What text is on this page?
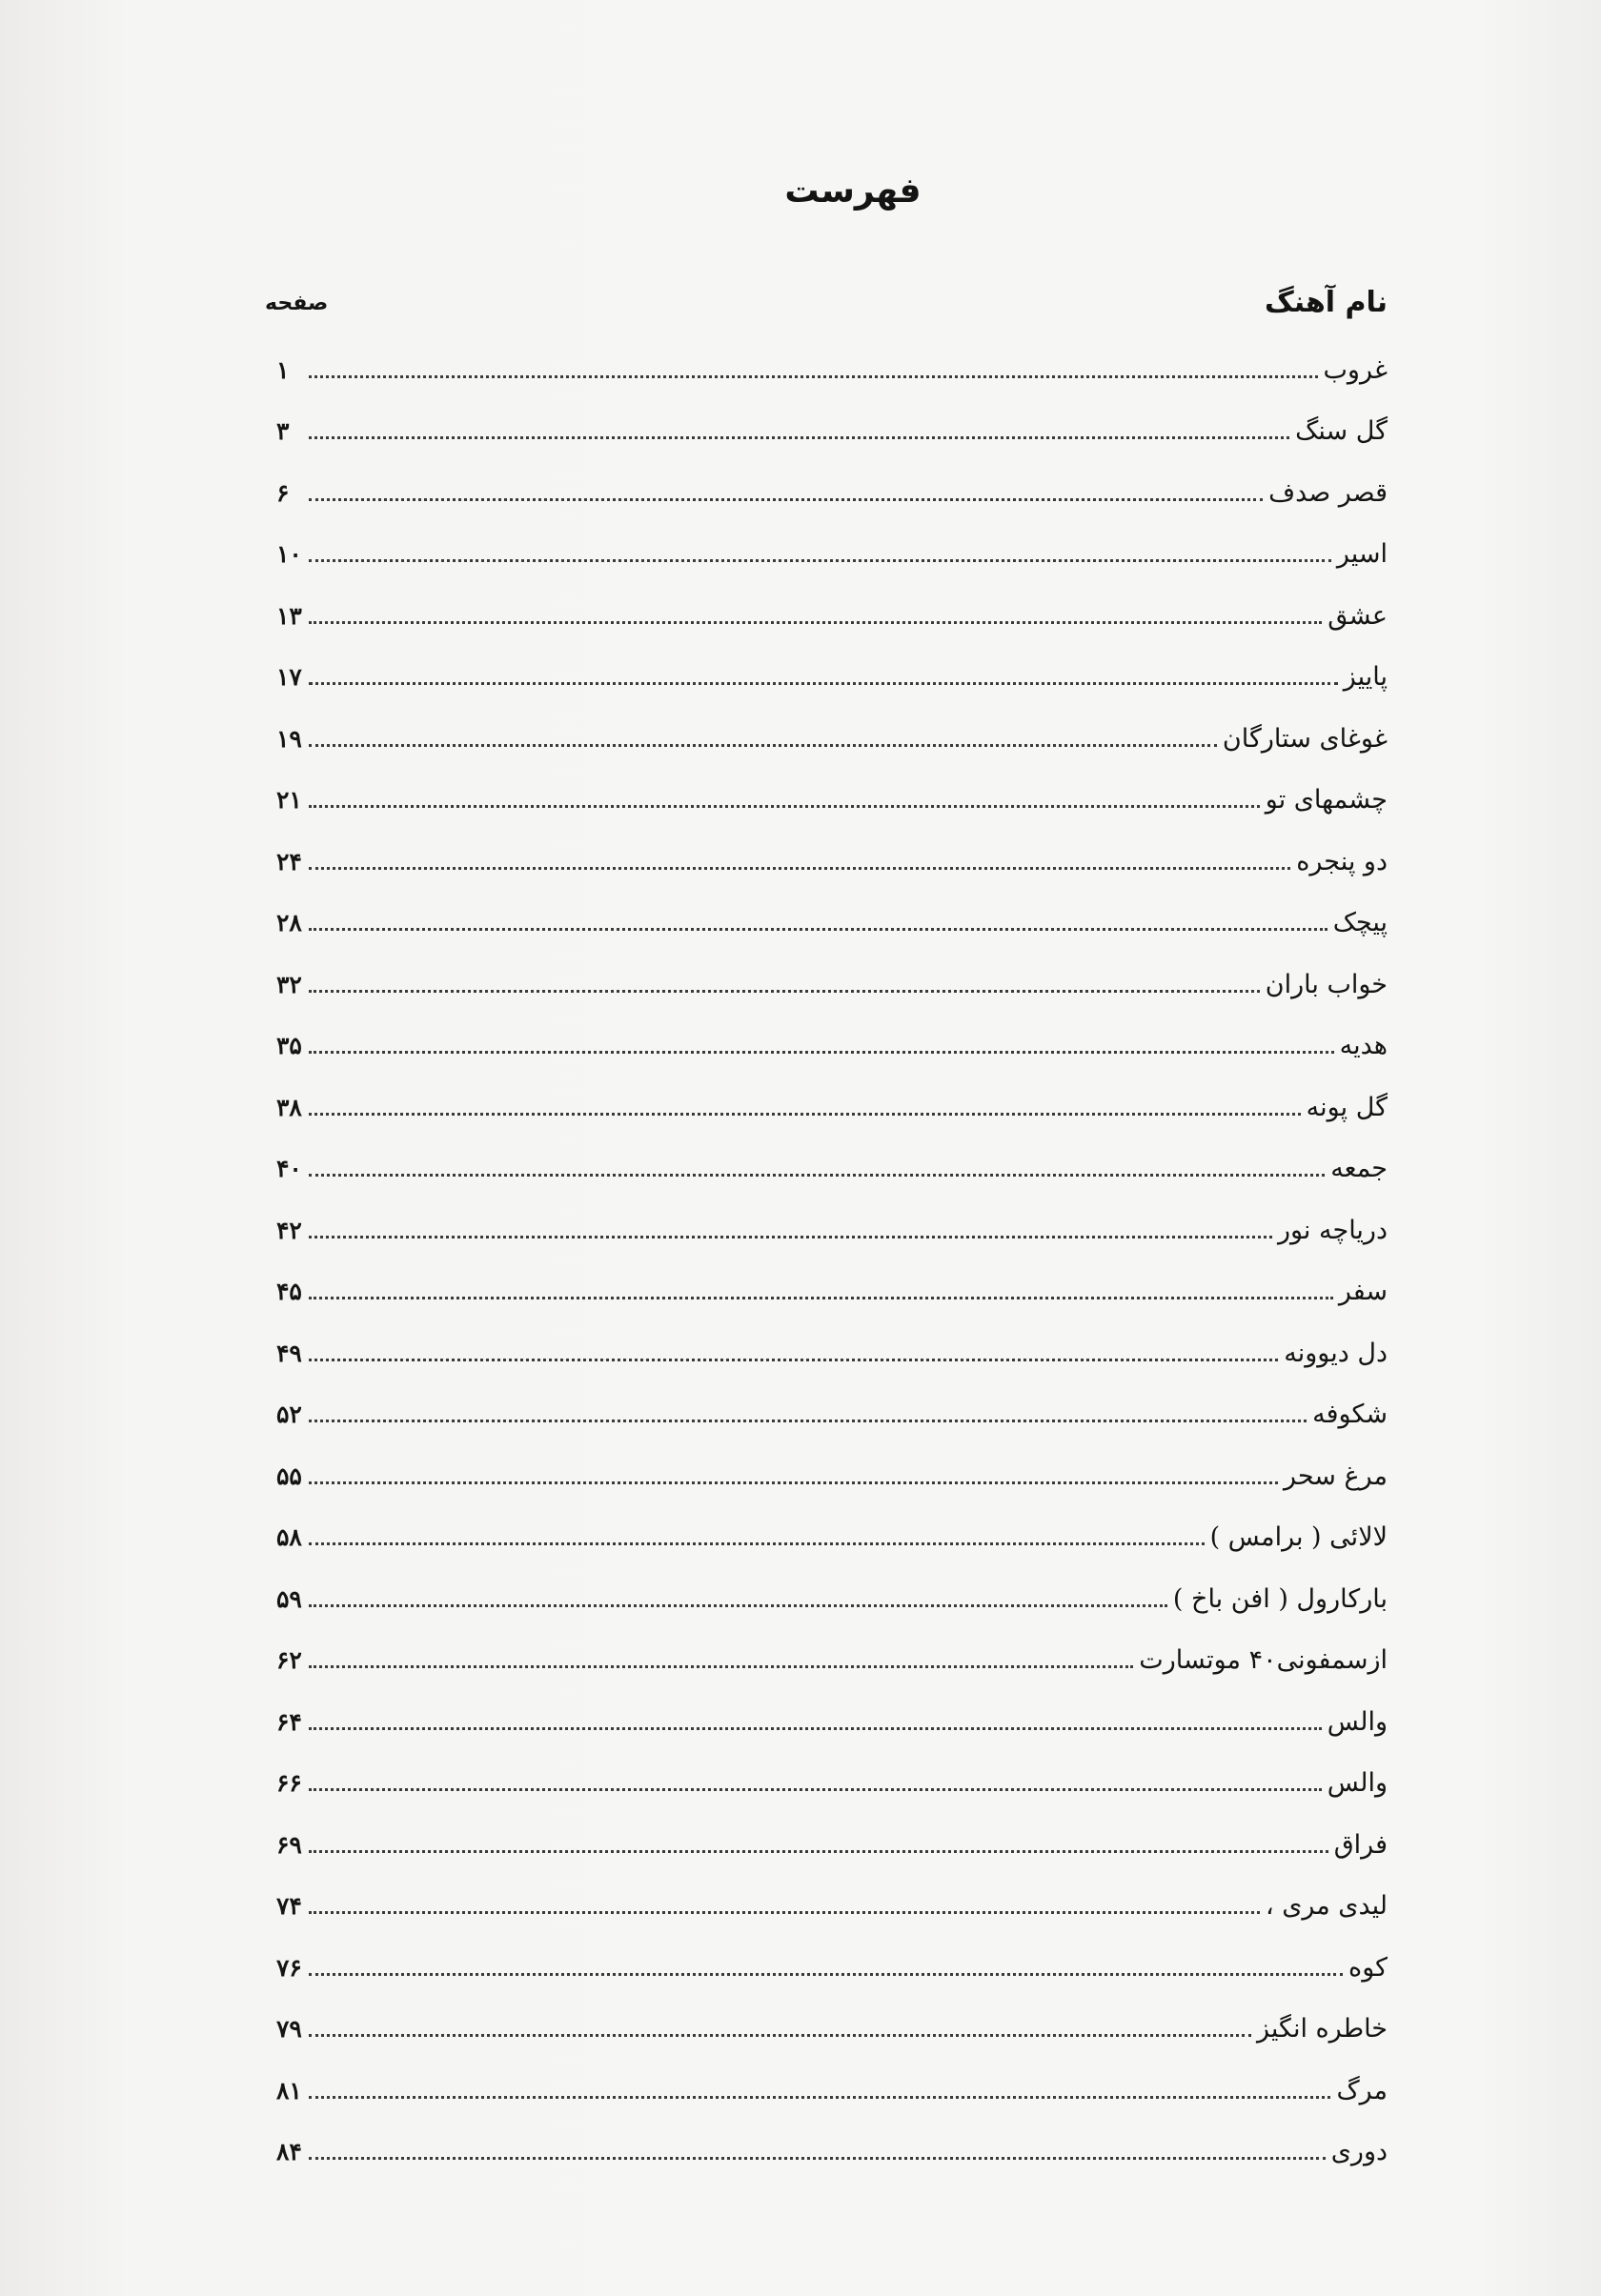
فهرست
نام آهنگ
صفحه
غروب
۱
گل سنگ
۳
قصر صدف
۶
اسیر
۱۰
عشق
۱۳
پاییز
۱۷
غوغای ستارگان
۱۹
چشمهای تو
۲۱
دو پنجره
۲۴
پیچک
۲۸
خواب باران
۳۲
هدیه
۳۵
گل پونه
۳۸
جمعه
۴۰
دریاچه نور
۴۲
سفر
۴۵
دل دیوونه
۴۹
شکوفه
۵۲
مرغ سحر
۵۵
لالائی ( برامس )
۵۸
بارکارول ( افن باخ )
۵۹
ازسمفونی۴۰ موتسارت
۶۲
والس
۶۴
والس
۶۶
فراق
۶۹
لیدی مری ،
۷۴
کوه
۷۶
خاطره انگیز
۷۹
مرگ
۸۱
دوری
۸۴
